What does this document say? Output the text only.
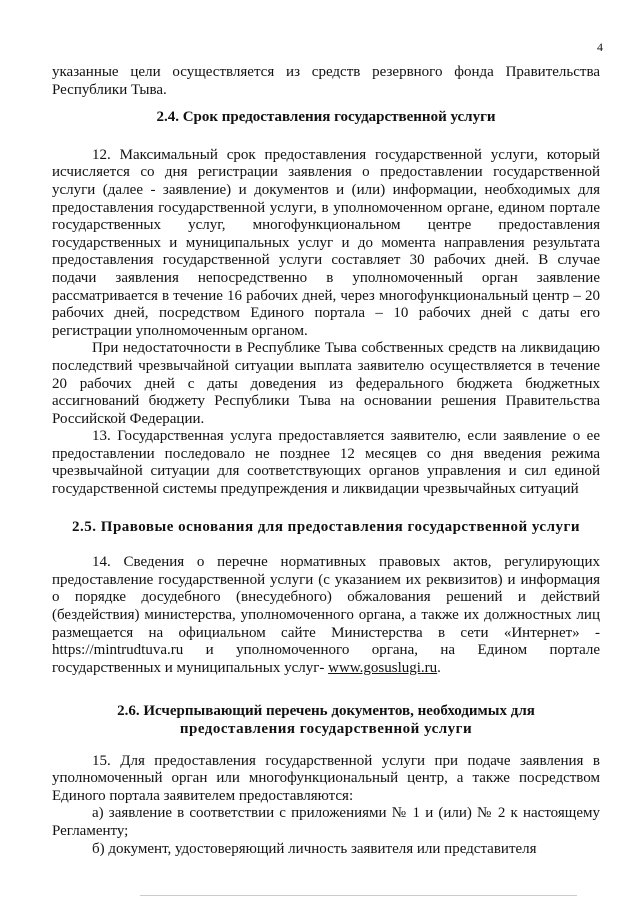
4

указанные цели осуществляется из средств резервного фонда Правительства Республики Тыва.

2.4. Срок предоставления государственной услуги

12. Максимальный срок предоставления государственной услуги, который исчисляется со дня регистрации заявления о предоставлении государственной услуги (далее - заявление) и документов и (или) информации, необходимых для предоставления государственной услуги, в уполномоченном органе, едином портале государственных услуг, многофункциональном центре предоставления государственных и муниципальных услуг и до момента направления результата предоставления государственной услуги составляет 30 рабочих дней. В случае подачи заявления непосредственно в уполномоченный орган заявление рассматривается в течение 16 рабочих дней, через многофункциональный центр – 20 рабочих дней, посредством Единого портала – 10 рабочих дней с даты его регистрации уполномоченным органом.

При недостаточности в Республике Тыва собственных средств на ликвидацию последствий чрезвычайной ситуации выплата заявителю осуществляется в течение 20 рабочих дней с даты доведения из федерального бюджета бюджетных ассигнований бюджету Республики Тыва на основании решения Правительства Российской Федерации.

13. Государственная услуга предоставляется заявителю, если заявление о ее предоставлении последовало не позднее 12 месяцев со дня введения режима чрезвычайной ситуации для соответствующих органов управления и сил единой государственной системы предупреждения и ликвидации чрезвычайных ситуаций

2.5. Правовые основания для предоставления государственной услуги

14. Сведения о перечне нормативных правовых актов, регулирующих предоставление государственной услуги (с указанием их реквизитов) и информация о порядке досудебного (внесудебного) обжалования решений и действий (бездействия) министерства, уполномоченного органа, а также их должностных лиц размещается на официальном сайте Министерства в сети «Интернет» - https://mintrudtuva.ru и уполномоченного органа, на Едином портале государственных и муниципальных услуг- www.gosuslugi.ru.

2.6. Исчерпывающий перечень документов, необходимых для
предоставления государственной услуги

15. Для предоставления государственной услуги при подаче заявления в уполномоченный орган или многофункциональный центр, а также посредством Единого портала заявителем предоставляются:

а) заявление в соответствии с приложениями № 1 и (или) № 2 к настоящему Регламенту;

б) документ, удостоверяющий личность заявителя или представителя
